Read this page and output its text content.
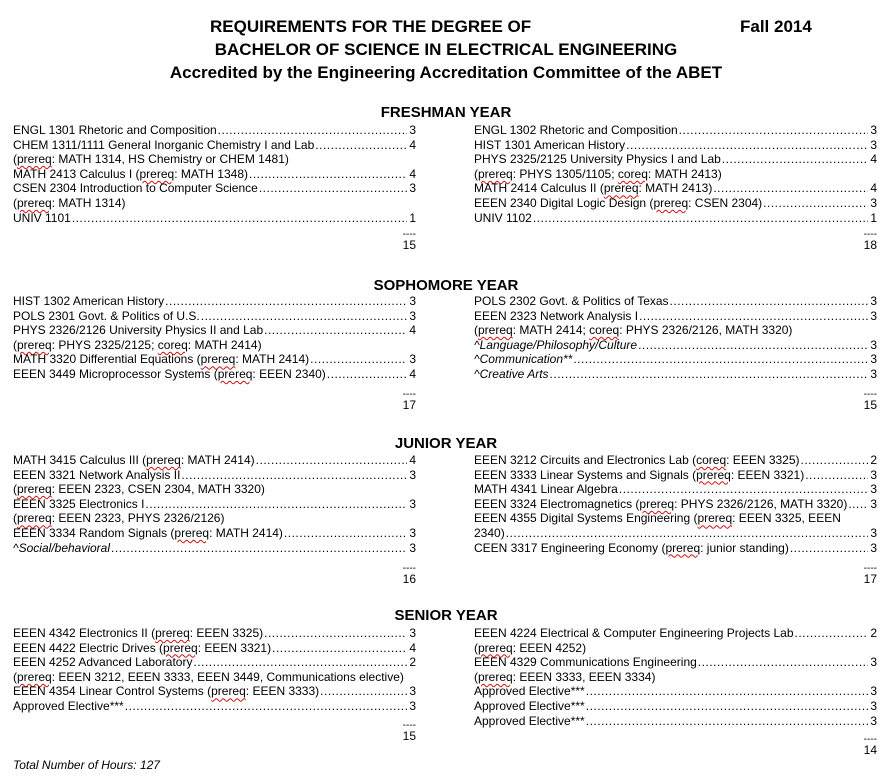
REQUIREMENTS FOR THE DEGREE OF	Fall 2014
BACHELOR OF SCIENCE IN ELECTRICAL ENGINEERING
Accredited by the Engineering Accreditation Committee of the ABET
FRESHMAN YEAR
ENGL 1301 Rhetoric and Composition .....	3
CHEM 1311/1111 General Inorganic Chemistry I and Lab .....	4
(prereq: MATH 1314, HS Chemistry or CHEM 1481)
MATH 2413 Calculus I (prereq: MATH 1348) .....	4
CSEN 2304 Introduction to Computer Science .....	3
(prereq: MATH 1314)
UNIV 1101 .....	1
----
15
ENGL 1302 Rhetoric and Composition .....	3
HIST 1301 American History .....	3
PHYS 2325/2125 University Physics I and Lab .....	4
(prereq: PHYS 1305/1105; coreq: MATH 2413)
MATH 2414 Calculus II (prereq: MATH 2413) .....	4
EEEN 2340 Digital Logic Design (prereq: CSEN 2304) .....	3
UNIV 1102 .....	1
----
18
SOPHOMORE YEAR
HIST 1302 American History .....	3
POLS 2301 Govt. & Politics of U.S. .....	3
PHYS 2326/2126 University Physics II and Lab .....	4
(prereq: PHYS 2325/2125; coreq: MATH 2414)
MATH 3320 Differential Equations (prereq: MATH 2414) .....	3
EEEN 3449 Microprocessor Systems (prereq: EEEN 2340) .....	4
----
17
POLS 2302 Govt. & Politics of Texas .....	3
EEEN 2323 Network Analysis I .....	3
(prereq: MATH 2414; coreq: PHYS 2326/2126, MATH 3320)
^Language/Philosophy/Culture .....	3
^Communication** .....	3
^Creative Arts .....	3
----
15
JUNIOR YEAR
MATH 3415 Calculus III (prereq: MATH 2414) .....	4
EEEN 3321 Network Analysis II .....	3
(prereq: EEEN 2323, CSEN 2304, MATH 3320)
EEEN 3325 Electronics I .....	3
(prereq: EEEN 2323, PHYS 2326/2126)
EEEN 3334 Random Signals (prereq: MATH 2414) .....	3
^Social/behavioral .....	3
----
16
EEEN 3212 Circuits and Electronics Lab (coreq: EEEN 3325) .....	2
EEEN 3333 Linear Systems and Signals (prereq: EEEN 3321) .....	3
MATH 4341 Linear Algebra .....	3
EEEN 3324 Electromagnetics (prereq: PHYS 2326/2126, MATH 3320) ..... 3
EEEN 4355 Digital Systems Engineering (prereq: EEEN 3325, EEEN
2340) .....	3
CEEN 3317 Engineering Economy (prereq: junior standing) .....	3
----
17
SENIOR YEAR
EEEN 4342 Electronics II (prereq: EEEN 3325) .....	3
EEEN 4422 Electric Drives (prereq: EEEN 3321) .....	4
EEEN 4252 Advanced Laboratory .....	2
(prereq: EEEN 3212, EEEN 3333, EEEN 3449, Communications elective)
EEEN 4354 Linear Control Systems (prereq: EEEN 3333) .....	3
Approved Elective*** .....	3
----
15
EEEN 4224 Electrical & Computer Engineering Projects Lab .....	2
(prereq: EEEN 4252)
EEEN 4329 Communications Engineering .....	3
(prereq: EEEN 3333, EEEN 3334)
Approved Elective*** .....	3
Approved Elective*** .....	3
Approved Elective*** .....	3
----
14
Total Number of Hours: 127
